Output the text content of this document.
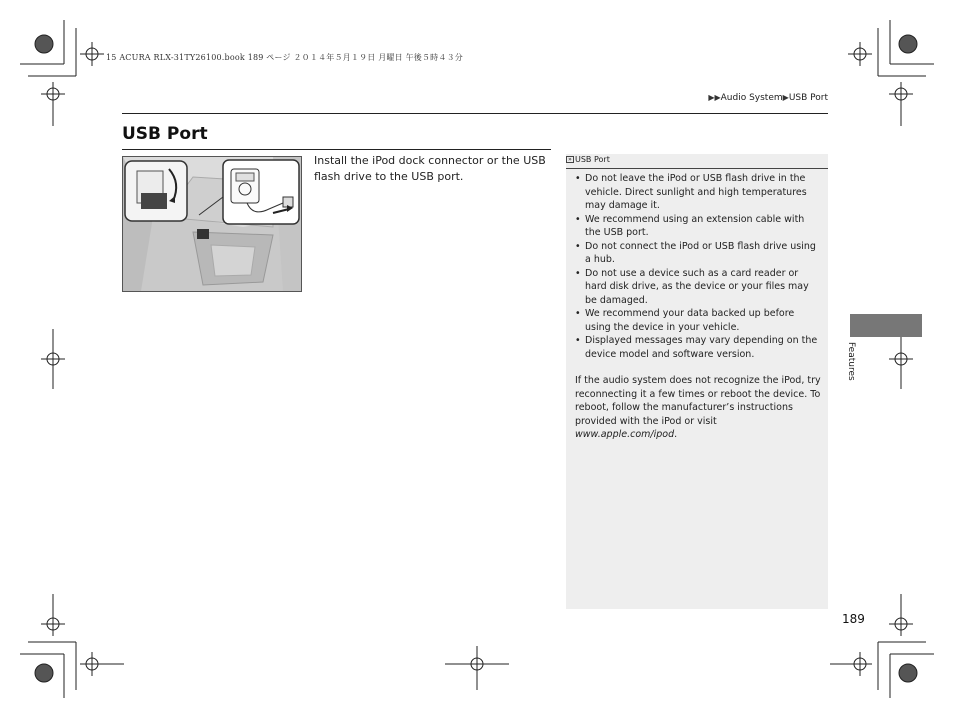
15 ACURA RLX-31TY26100.book 189 ページ ２０１４年５月１９日 月曜日 午後５時４３分
▶▶Audio System▶USB Port
USB Port
Install the iPod dock connector or the USB flash drive to the USB port.
» USB Port
• Do not leave the iPod or USB flash drive in the vehicle. Direct sunlight and high temperatures may damage it.
• We recommend using an extension cable with the USB port.
• Do not connect the iPod or USB flash drive using a hub.
• Do not use a device such as a card reader or hard disk drive, as the device or your files may be damaged.
• We recommend your data backed up before using the device in your vehicle.
• Displayed messages may vary depending on the device model and software version.
If the audio system does not recognize the iPod, try reconnecting it a few times or reboot the device. To reboot, follow the manufacturer’s instructions provided with the iPod or visit www.apple.com/ipod.
Features
189
